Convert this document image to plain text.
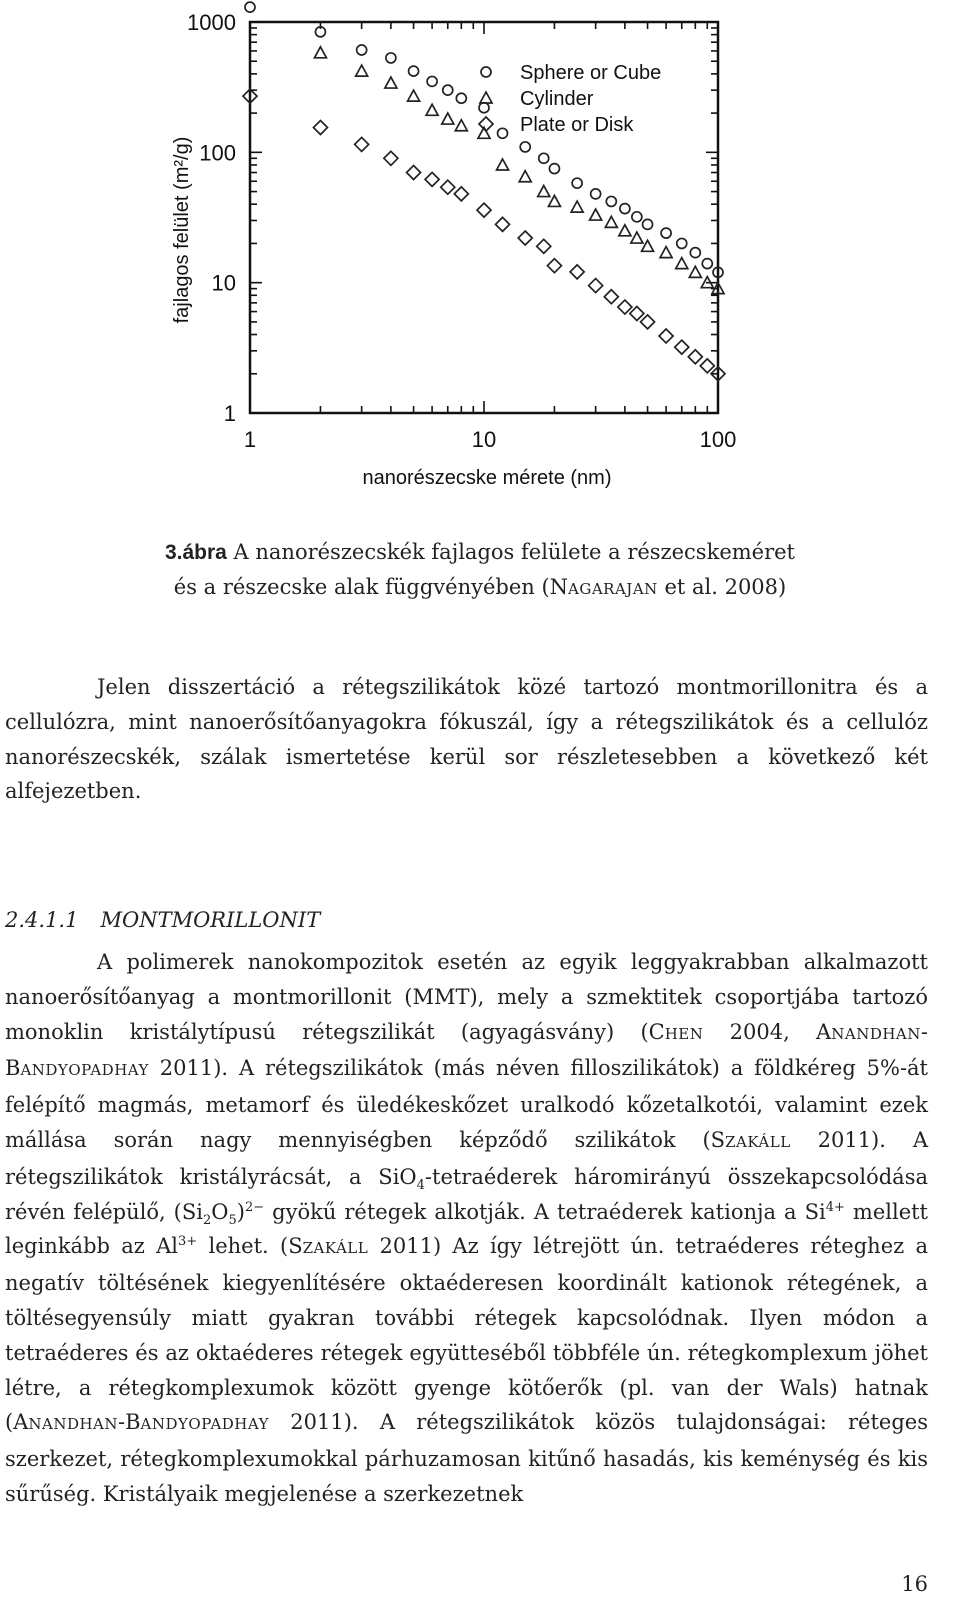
1	10	100
1
10
100
1000
nanorészecske mérete (nm)
fajlagos felület (m²/g)
Sphere or Cube
Cylinder
Plate or Disk
3.ábra A nanorészecskék fajlagos felülete a részecskeméret
és a részecske alak függvényében (NAGARAJAN et al. 2008)

Jelen disszertáció a rétegszilikátok közé tartozó montmorillonitra és a cellulózra, mint nanoerősítőanyagokra fókuszál, így a rétegszilikátok és a cellulóz nanorészecskék, szálak ismertetése kerül sor részletesebben a következő két alfejezetben.

2.4.1.1 MONTMORILLONIT

A polimerek nanokompozitok esetén az egyik leggyakrabban alkalmazott nanoerősítőanyag a montmorillonit (MMT), mely a szmektitek csoportjába tartozó monoklin kristálytípusú rétegszilikát (agyagásvány) (CHEN 2004, ANANDHAN-BANDYOPADHAY 2011). A rétegszilikátok (más néven filloszilikátok) a földkéreg 5%-át felépítő magmás, metamorf és üledékeskőzet uralkodó kőzetalkotói, valamint ezek mállása során nagy mennyiségben képződő szilikátok (SZAKÁLL 2011). A rétegszilikátok kristályrácsát, a SiO$_4$-tetraéderek háromirányú összekapcsolódása révén felépülő, $(Si_2O_5)^{2-}$ gyökű rétegek alkotják. A tetraéderek kationja a $Si^{4+}$ mellett leginkább az $Al^{3+}$ lehet. (SZAKÁLL 2011) Az így létrejött ún. tetraéderes réteghez a negatív töltésének kiegyenlítésére oktaéderesen koordinált kationok rétegének, a töltésegyensúly miatt gyakran további rétegek kapcsolódnak. Ilyen módon a tetraéderes és az oktaéderes rétegek együtteséből többféle ún. rétegkomplexum jöhet létre, a rétegkomplexumok között gyenge kötőerők (pl. van der Wals) hatnak (ANANDHAN-BANDYOPADHAY 2011). A rétegszilikátok közös tulajdonságai: réteges szerkezet, rétegkomplexumokkal párhuzamosan kitűnő hasadás, kis keménység és kis sűrűség. Kristályaik megjelenése a szerkezetnek

16
